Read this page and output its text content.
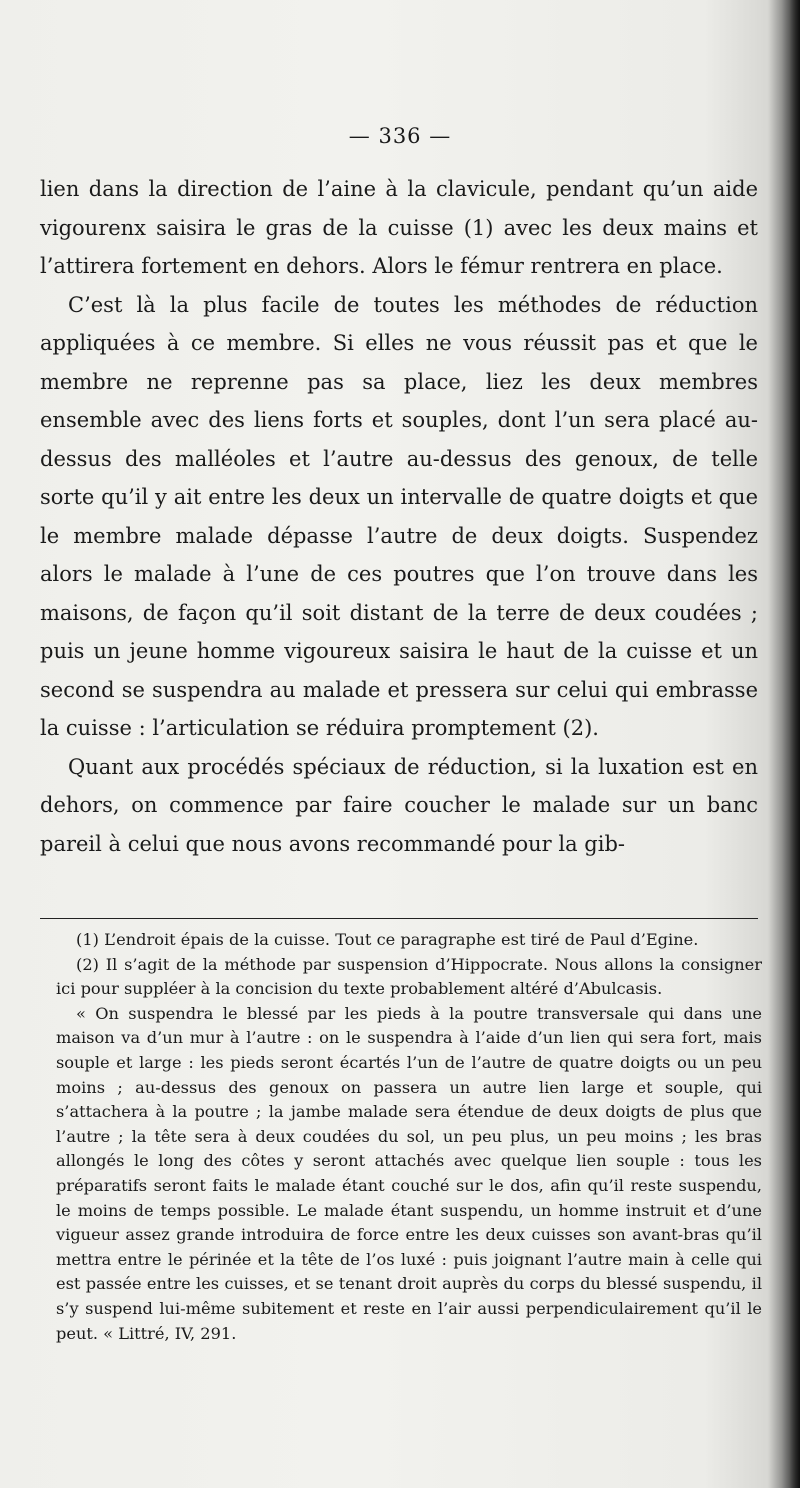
— 336 —

lien dans la direction de l’aine à la clavicule, pendant qu’un aide vigourenx saisira le gras de la cuisse (1) avec les deux mains et l’attirera fortement en dehors. Alors le fémur rentrera en place.

C’est là la plus facile de toutes les méthodes de réduction appliquées à ce membre. Si elles ne vous réussit pas et que le membre ne reprenne pas sa place, liez les deux membres ensemble avec des liens forts et souples, dont l’un sera placé au-dessus des malléoles et l’autre au-dessus des genoux, de telle sorte qu’il y ait entre les deux un intervalle de quatre doigts et que le membre malade dépasse l’autre de deux doigts. Suspendez alors le malade à l’une de ces poutres que l’on trouve dans les maisons, de façon qu’il soit distant de la terre de deux coudées ; puis un jeune homme vigoureux saisira le haut de la cuisse et un second se suspendra au malade et pressera sur celui qui embrasse la cuisse : l’articulation se réduira promptement (2).

Quant aux procédés spéciaux de réduction, si la luxation est en dehors, on commence par faire coucher le malade sur un banc pareil à celui que nous avons recommandé pour la gib-

(1) L’endroit épais de la cuisse. Tout ce paragraphe est tiré de Paul d’Egine.

(2) Il s’agit de la méthode par suspension d’Hippocrate. Nous allons la consigner ici pour suppléer à la concision du texte probablement altéré d’Abulcasis.

« On suspendra le blessé par les pieds à la poutre transversale qui dans une maison va d’un mur à l’autre : on le suspendra à l’aide d’un lien qui sera fort, mais souple et large : les pieds seront écartés l’un de l’autre de quatre doigts ou un peu moins ; au-dessus des genoux on passera un autre lien large et souple, qui s’attachera à la poutre ; la jambe malade sera étendue de deux doigts de plus que l’autre ; la tête sera à deux coudées du sol, un peu plus, un peu moins ; les bras allongés le long des côtes y seront attachés avec quelque lien souple : tous les préparatifs seront faits le malade étant couché sur le dos, afin qu’il reste suspendu, le moins de temps possible. Le malade étant suspendu, un homme instruit et d’une vigueur assez grande introduira de force entre les deux cuisses son avant-bras qu’il mettra entre le périnée et la tête de l’os luxé : puis joignant l’autre main à celle qui est passée entre les cuisses, et se tenant droit auprès du corps du blessé suspendu, il s’y suspend lui-même subitement et reste en l’air aussi perpendiculairement qu’il le peut. « Littré, IV, 291.
